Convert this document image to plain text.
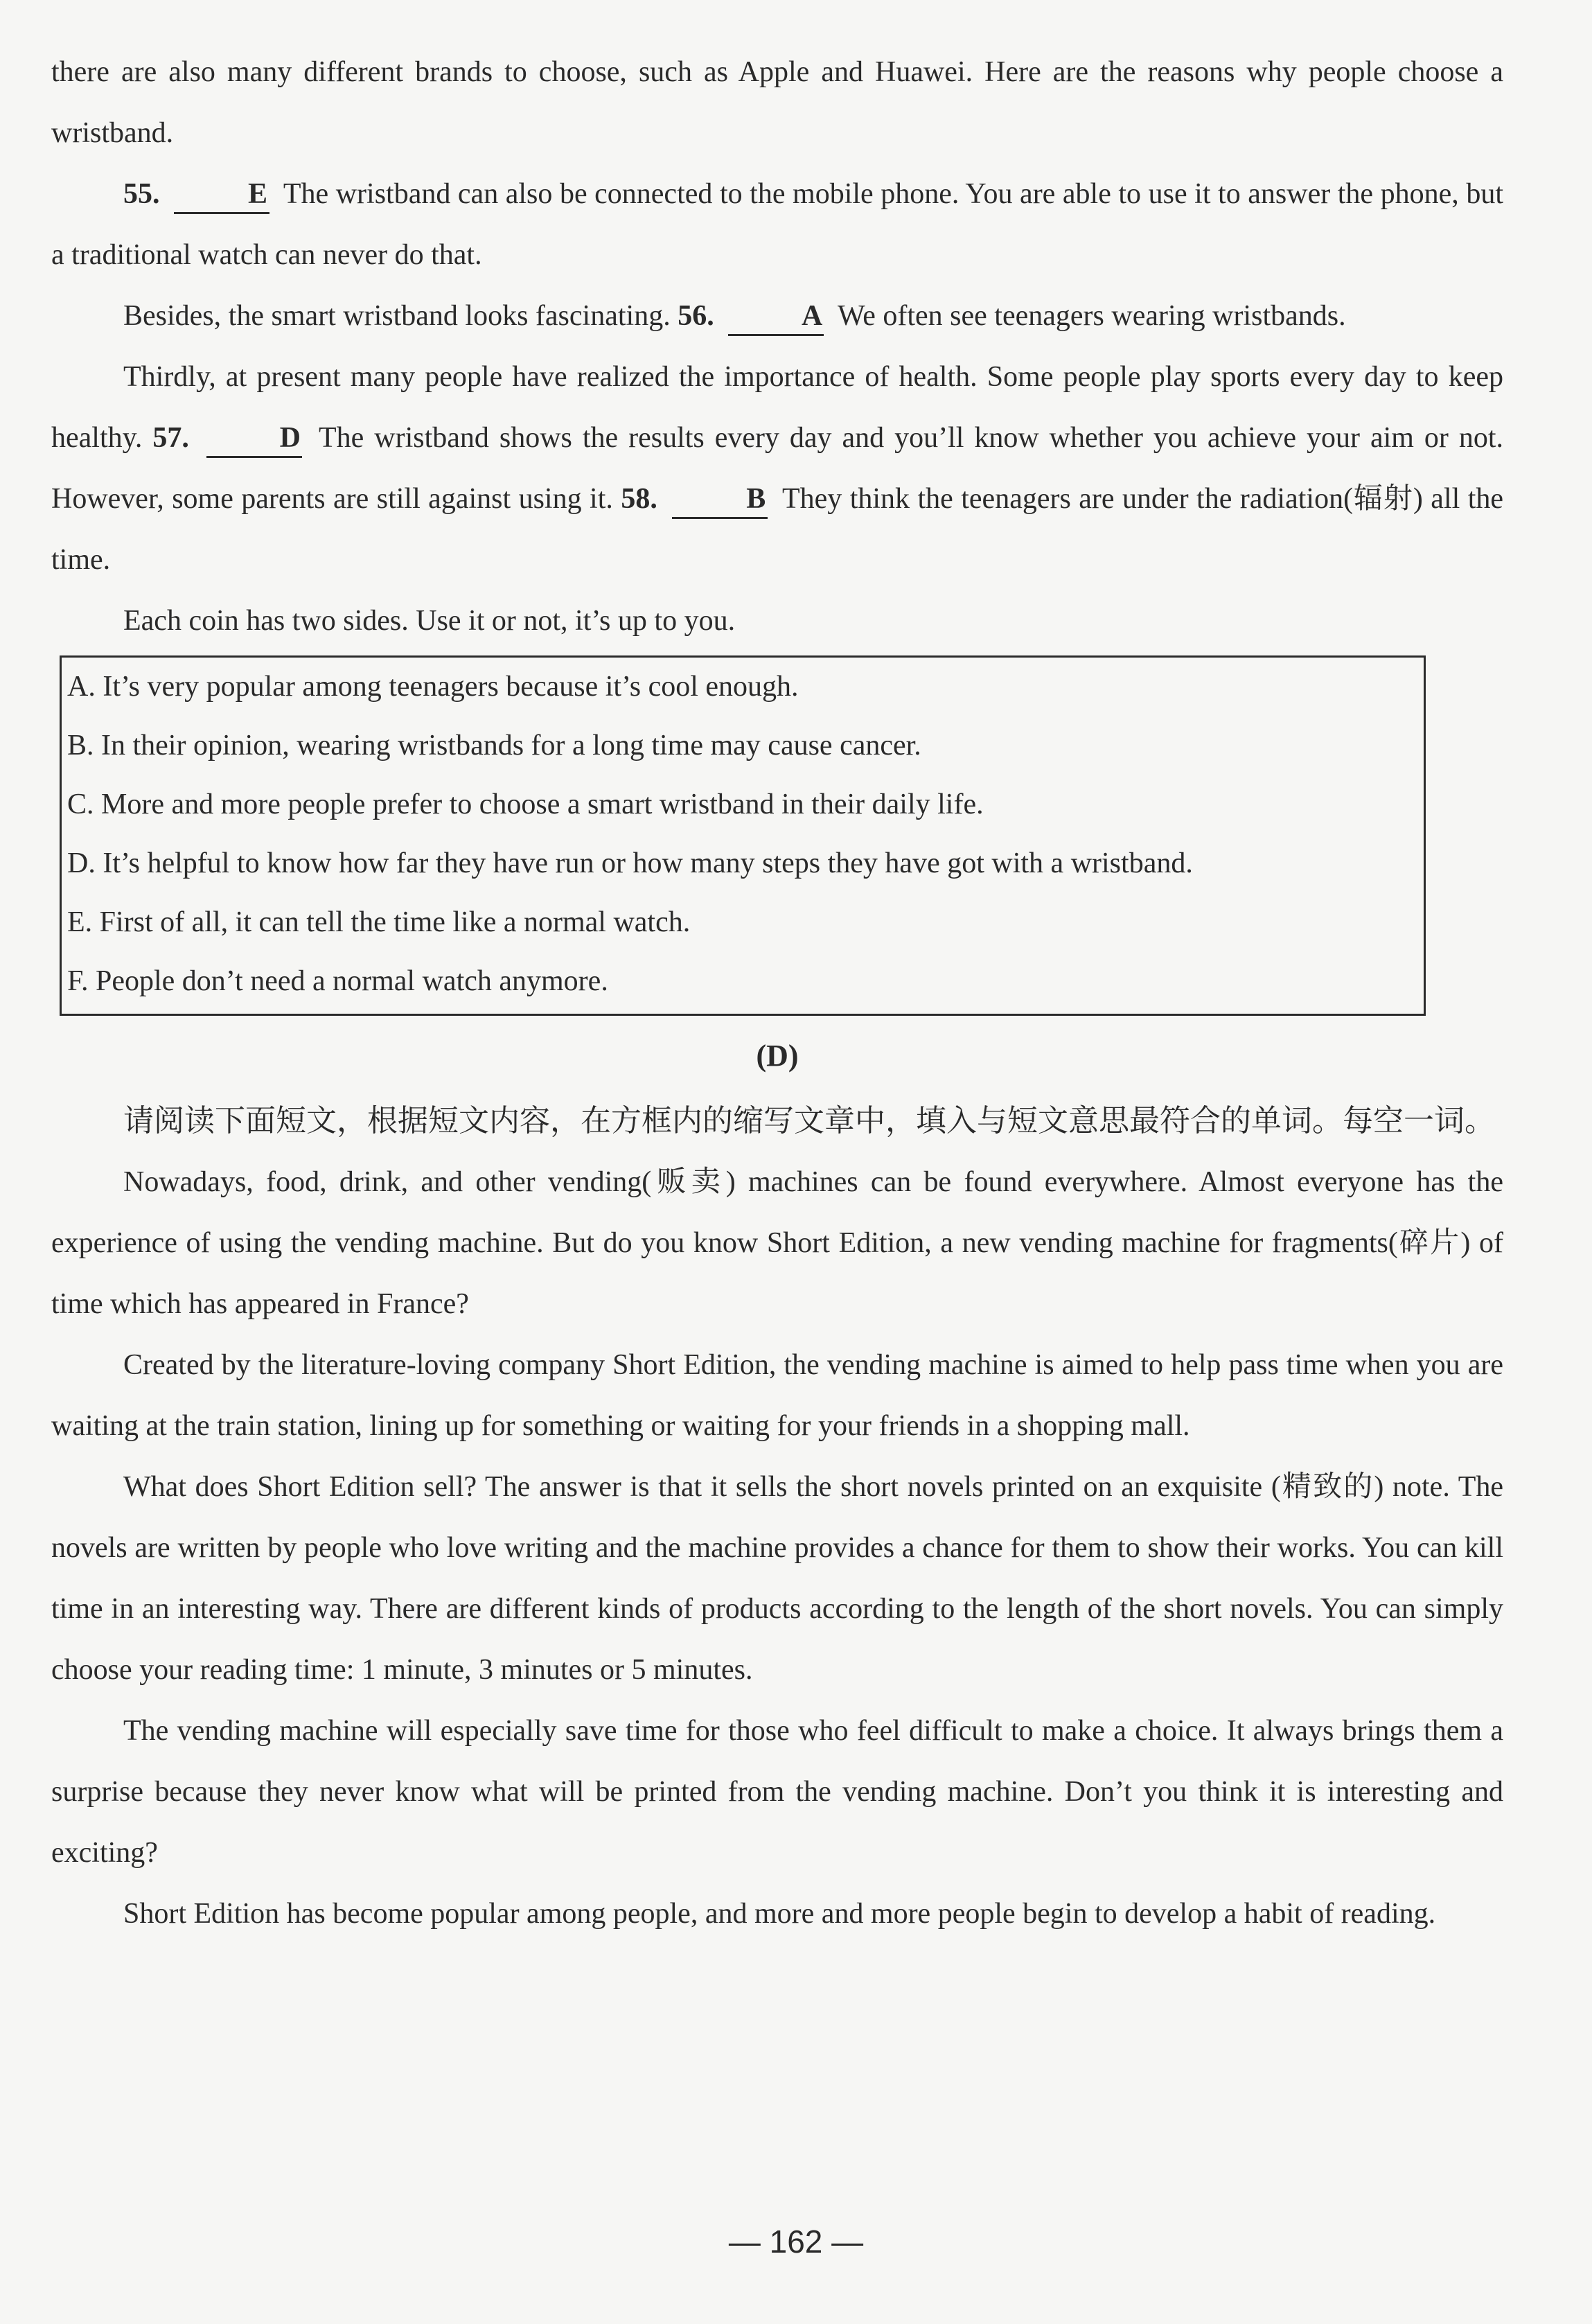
there are also many different brands to choose, such as Apple and Huawei. Here are the reasons why people choose a wristband.

55.	E The wristband can also be connected to the mobile phone. You are able to use it to answer the phone, but a traditional watch can never do that.

Besides, the smart wristband looks fascinating. 56.	A We often see teenagers wearing wristbands.

Thirdly, at present many people have realized the importance of health. Some people play sports every day to keep healthy. 57.	D The wristband shows the results every day and you’ll know whether you achieve your aim or not. However, some parents are still against using it. 58.	B They think the teenagers are under the radiation(辐射) all the time.

Each coin has two sides. Use it or not, it’s up to you.

A. It’s very popular among teenagers because it’s cool enough.
B. In their opinion, wearing wristbands for a long time may cause cancer.
C. More and more people prefer to choose a smart wristband in their daily life.
D. It’s helpful to know how far they have run or how many steps they have got with a wristband.
E. First of all, it can tell the time like a normal watch.
F. People don’t need a normal watch anymore.
(D)

请阅读下面短文，根据短文内容，在方框内的缩写文章中，填入与短文意思最符合的单词。每空一词。

Nowadays, food, drink, and other vending(贩卖) machines can be found everywhere. Almost everyone has the experience of using the vending machine. But do you know Short Edition, a new vending machine for fragments(碎片) of time which has appeared in France?

Created by the literature-loving company Short Edition, the vending machine is aimed to help pass time when you are waiting at the train station, lining up for something or waiting for your friends in a shopping mall.

What does Short Edition sell? The answer is that it sells the short novels printed on an exquisite (精致的) note. The novels are written by people who love writing and the machine provides a chance for them to show their works. You can kill time in an interesting way. There are different kinds of products according to the length of the short novels. You can simply choose your reading time: 1 minute, 3 minutes or 5 minutes.

The vending machine will especially save time for those who feel difficult to make a choice. It always brings them a surprise because they never know what will be printed from the vending machine. Don’t you think it is interesting and exciting?

Short Edition has become popular among people, and more and more people begin to develop a habit of reading.

— 162 —
